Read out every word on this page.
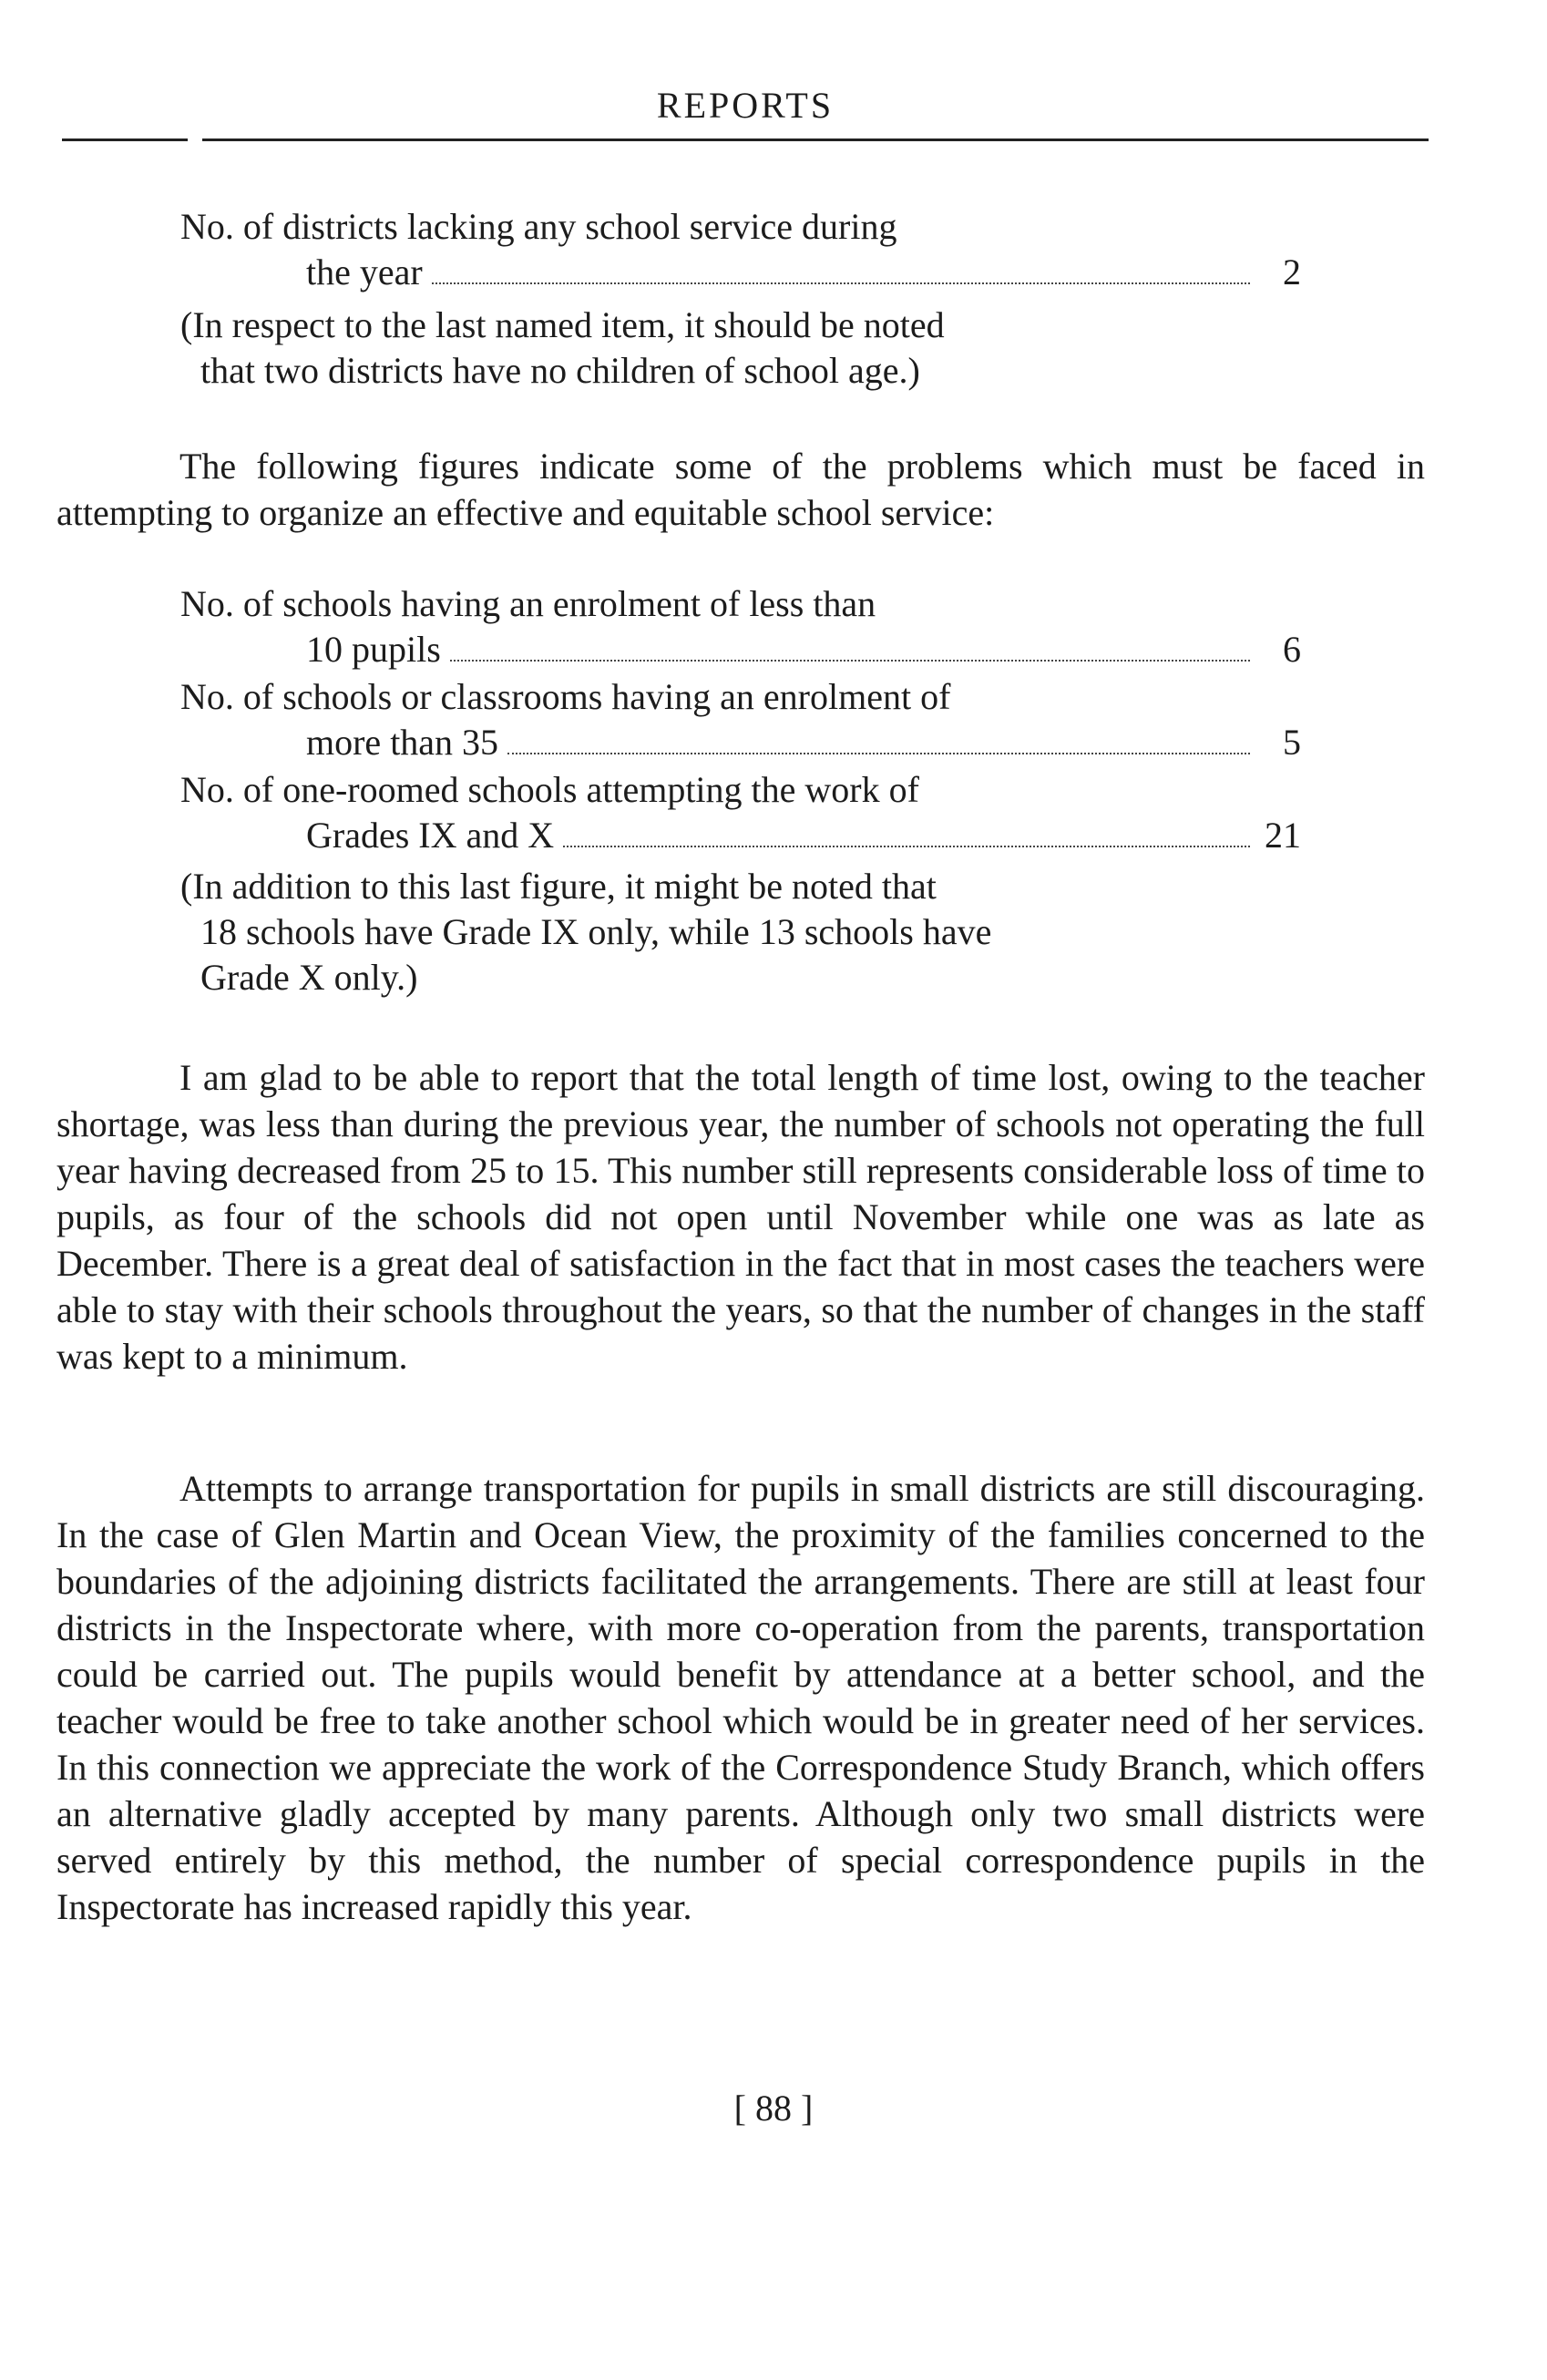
REPORTS
No. of districts lacking any school service during
the year	2
(In respect to the last named item, it should be noted
that two districts have no children of school age.)
The following figures indicate some of the problems which must be faced in attempting to organize an effective and equitable school service:
No. of schools having an enrolment of less than
10 pupils	6
No. of schools or classrooms having an enrolment of
more than 35	5
No. of one-roomed schools attempting the work of
Grades IX and X	21
(In addition to this last figure, it might be noted that
18 schools have Grade IX only, while 13 schools have
Grade X only.)
I am glad to be able to report that the total length of time lost, owing to the teacher shortage, was less than during the previous year, the number of schools not operating the full year having decreased from 25 to 15. This number still represents considerable loss of time to pupils, as four of the schools did not open until November while one was as late as December. There is a great deal of satisfaction in the fact that in most cases the teachers were able to stay with their schools throughout the years, so that the number of changes in the staff was kept to a minimum.
Attempts to arrange transportation for pupils in small districts are still discouraging. In the case of Glen Martin and Ocean View, the proximity of the families concerned to the boundaries of the adjoining districts facilitated the arrangements. There are still at least four districts in the Inspectorate where, with more co-operation from the parents, transportation could be carried out. The pupils would benefit by attendance at a better school, and the teacher would be free to take another school which would be in greater need of her services. In this connection we appreciate the work of the Correspondence Study Branch, which offers an alternative gladly accepted by many parents. Although only two small districts were served entirely by this method, the number of special correspondence pupils in the Inspectorate has increased rapidly this year.
[ 88 ]
